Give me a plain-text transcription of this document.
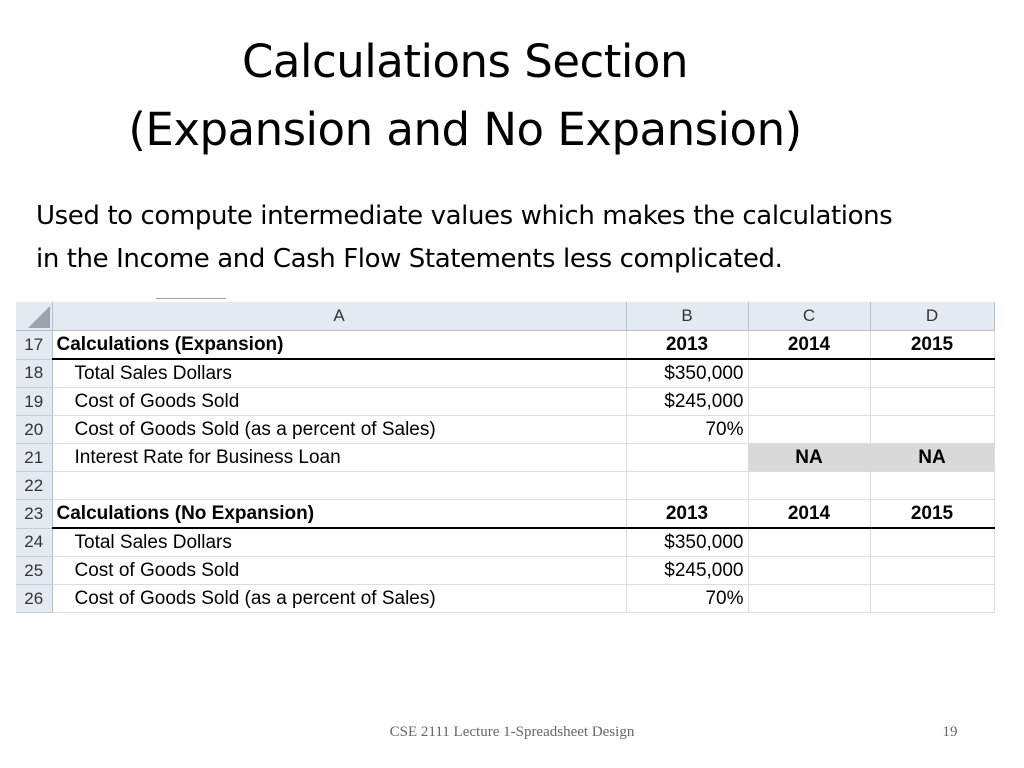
Calculations Section
(Expansion and No Expansion)
Used to compute intermediate values which makes the calculations
in the Income and Cash Flow Statements less complicated.
	A	B	C	D
17	Calculations (Expansion)	2013	2014	2015
18	Total Sales Dollars	$350,000		
19	Cost of Goods Sold	$245,000		
20	Cost of Goods Sold (as a percent of Sales)	70%		
21	Interest Rate for Business Loan		NA	NA
22				
23	Calculations (No Expansion)	2013	2014	2015
24	Total Sales Dollars	$350,000		
25	Cost of Goods Sold	$245,000		
26	Cost of Goods Sold (as a percent of Sales)	70%		
CSE 2111 Lecture 1-Spreadsheet Design	19
